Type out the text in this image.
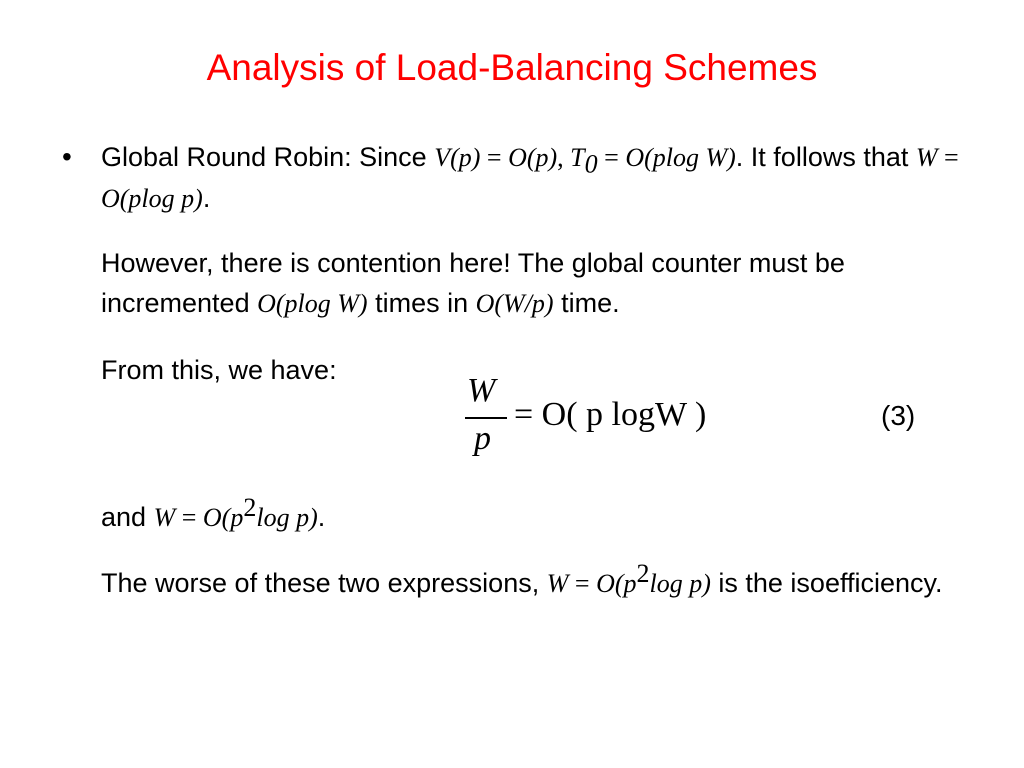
Analysis of Load-Balancing Schemes
• Global Round Robin: Since V(p) = O(p), $T_0 = O(plog$ W). It follows that W = O(plog p).
However, there is contention here! The global counter must be incremented O(plog W) times in O(W/p) time.
From this, we have:
W
p
= O( p logW )	(3)
and $W = O(p^2\log$ p).
The worse of these two expressions, $W = O(p^2\log$ p) is the isoefficiency.
